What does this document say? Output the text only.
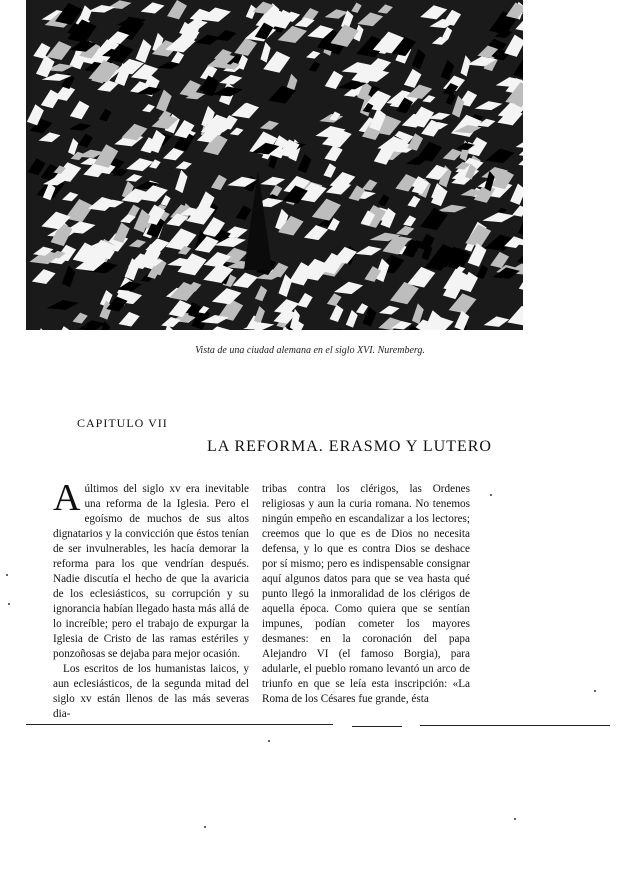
Vista de una ciudad alemana en el siglo XVI. Nuremberg.
CAPITULO VII
LA REFORMA. ERASMO Y LUTERO

Aúltimos del siglo xv era inevitable una reforma de la Iglesia. Pero el egoísmo de muchos de sus altos dignatarios y la convicción que éstos tenían de ser invulnerables, les hacía demorar la reforma para los que vendrían después. Nadie discutía el hecho de que la avaricia de los eclesiásticos, su corrupción y su ignorancia habían llegado hasta más allá de lo increíble; pero el trabajo de expurgar la Iglesia de Cristo de las ramas estériles y ponzoñosas se dejaba para mejor ocasión.

Los escritos de los humanistas laicos, y aun eclesiásticos, de la segunda mitad del siglo xv están llenos de las más severas dia-

tribas contra los clérigos, las Ordenes religiosas y aun la curia romana. No tenemos ningún empeño en escandalizar a los lectores; creemos que lo que es de Dios no necesita defensa, y lo que es contra Dios se deshace por sí mismo; pero es indispensable consignar aquí algunos datos para que se vea hasta qué punto llegó la inmoralidad de los clérigos de aquella época. Como quiera que se sentían impunes, podían cometer los mayores desmanes: en la coronación del papa Alejandro VI (el famoso Borgia), para adularle, el pueblo romano levantó un arco de triunfo en que se leía esta inscripción: «La Roma de los Césares fue grande, ésta
